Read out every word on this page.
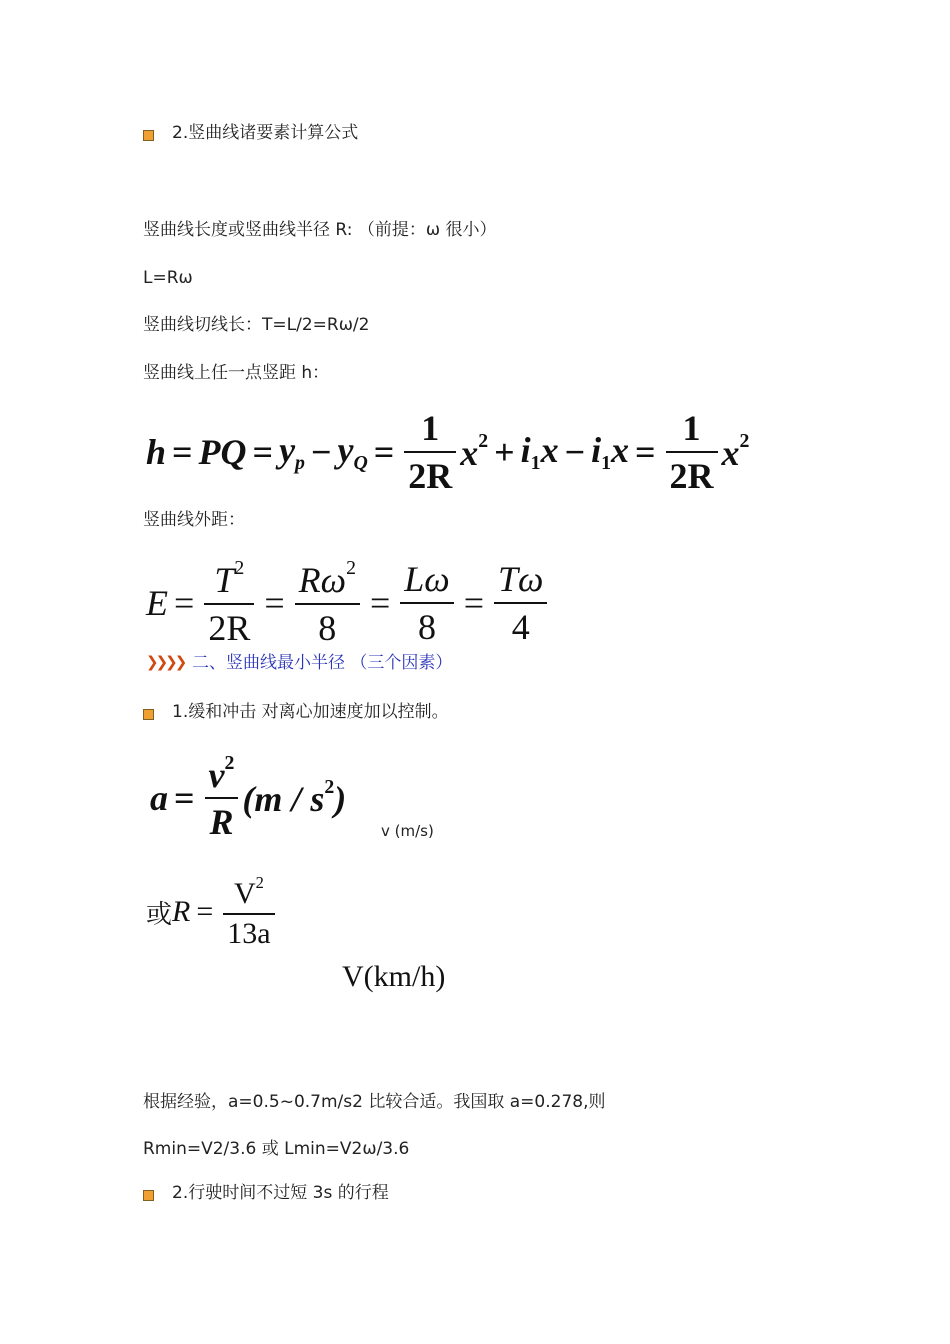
2.竖曲线诸要素计算公式
竖曲线长度或竖曲线半径 R: （前提：ω 很小）
L=Rω
竖曲线切线长：T=L/2=Rω/2
竖曲线上任一点竖距 h：
h = PQ = $y_p - y_Q = \frac{1}{2R} x^2 + i_1x - i_1x = \frac{1}{2R} x^2$
竖曲线外距：
$E = \frac{T^2}{2R} = \frac{R\omega^2}{8} = \frac{L\omega}{8} = \frac{T\omega}{4}$
❯❯❯❯ 二、竖曲线最小半径 （三个因素）
1.缓和冲击 对离心加速度加以控制。
$a = \frac{v^2}{R} (m / s^2)$
v (m/s)
或 $R = \frac{V^2}{13a}$
V(km/h)
根据经验，a=0.5~0.7m/s2 比较合适。我国取 a=0.278,则
Rmin=V2/3.6 或 Lmin=V2ω/3.6
2.行驶时间不过短 3s 的行程
